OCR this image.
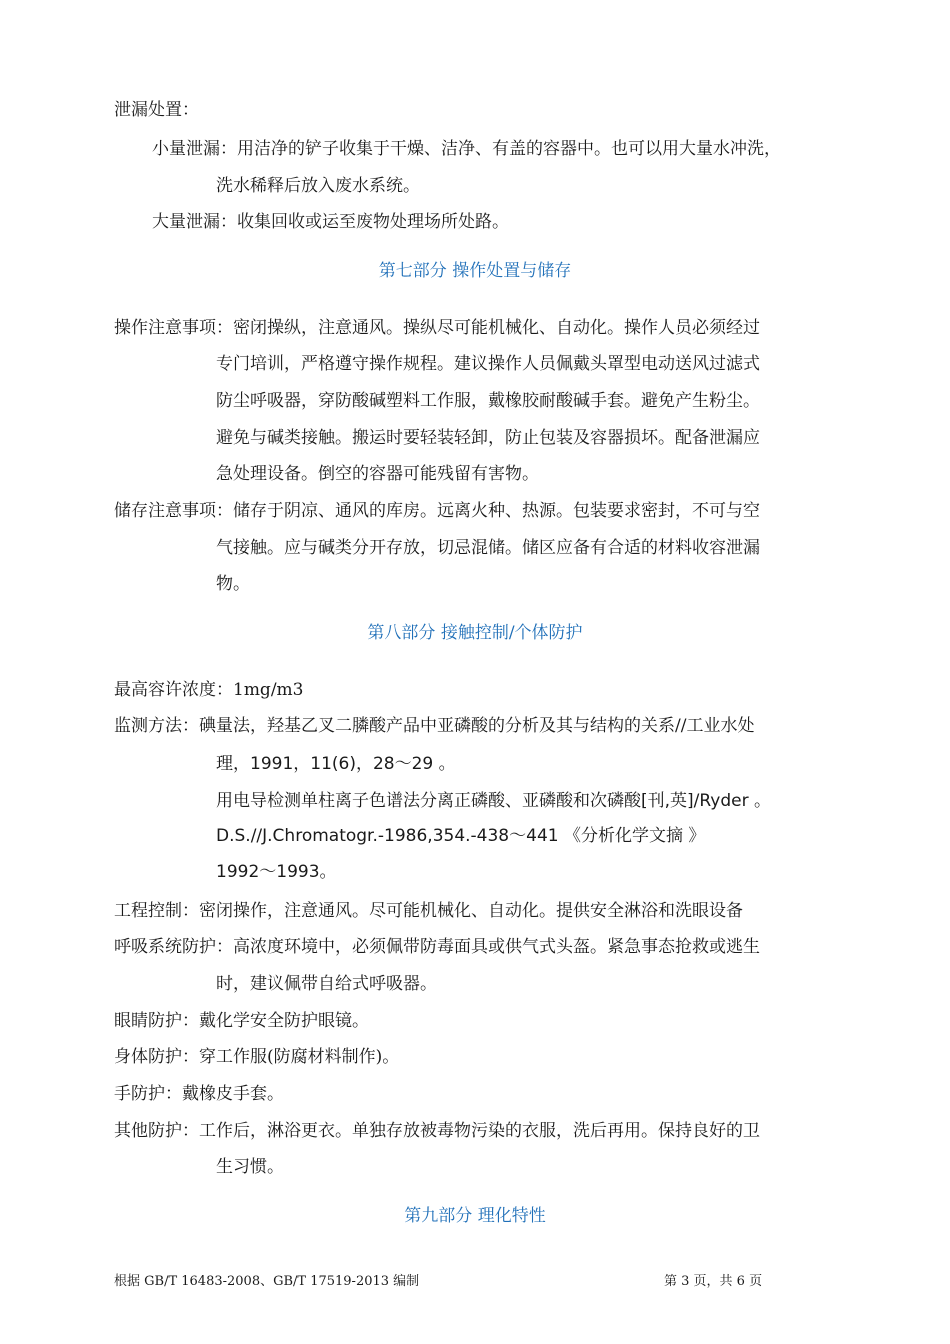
泄漏处置：
小量泄漏：用洁净的铲子收集于干燥、洁净、有盖的容器中。也可以用大量水冲洗，
洗水稀释后放入废水系统。
大量泄漏：收集回收或运至废物处理场所处路。
第七部分 操作处置与储存
操作注意事项：密闭操纵，注意通风。操纵尽可能机械化、自动化。操作人员必须经过
专门培训，严格遵守操作规程。建议操作人员佩戴头罩型电动送风过滤式
防尘呼吸器，穿防酸碱塑料工作服，戴橡胶耐酸碱手套。避免产生粉尘。
避免与碱类接触。搬运时要轻装轻卸，防止包装及容器损坏。配备泄漏应
急处理设备。倒空的容器可能残留有害物。
储存注意事项：储存于阴凉、通风的库房。远离火种、热源。包装要求密封，不可与空
气接触。应与碱类分开存放，切忌混储。储区应备有合适的材料收容泄漏
物。
第八部分 接触控制/个体防护
最高容许浓度：1mg/m3
监测方法：碘量法，羟基乙叉二膦酸产品中亚磷酸的分析及其与结构的关系//工业水处
理，1991，11(6)，28～29 。
用电导检测单柱离子色谱法分离正磷酸、亚磷酸和次磷酸[刊,英]/Ryder 。
D.S.//J.Chromatogr.-1986,354.-438～441 《分析化学文摘 》
1992～1993。
工程控制：密闭操作，注意通风。尽可能机械化、自动化。提供安全淋浴和洗眼设备
呼吸系统防护：高浓度环境中，必须佩带防毒面具或供气式头盔。紧急事态抢救或逃生
时，建议佩带自给式呼吸器。
眼睛防护：戴化学安全防护眼镜。
身体防护：穿工作服(防腐材料制作)。
手防护：戴橡皮手套。
其他防护：工作后，淋浴更衣。单独存放被毒物污染的衣服，洗后再用。保持良好的卫
生习惯。
第九部分 理化特性
根据 GB/T 16483-2008、GB/T 17519-2013 编制	第 3 页，共 6 页
